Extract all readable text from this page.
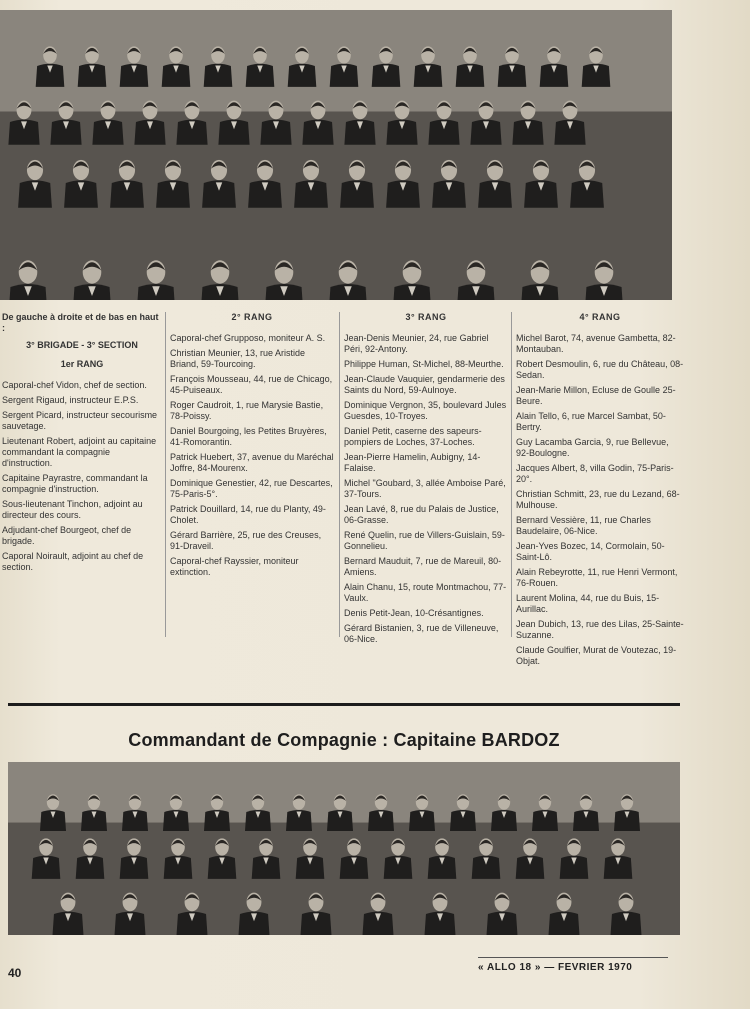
De gauche à droite et de bas en haut :
3° BRIGADE - 3° SECTION
1er RANG
Caporal-chef Vidon, chef de section.
Sergent Rigaud, instructeur E.P.S.
Sergent Picard, instructeur secourisme sauvetage.
Lieutenant Robert, adjoint au capitaine commandant la compagnie d'instruction.
Capitaine Payrastre, commandant la compagnie d'instruction.
Sous-lieutenant Tinchon, adjoint au directeur des cours.
Adjudant-chef Bourgeot, chef de brigade.
Caporal Noirault, adjoint au chef de section.
2° RANG
Caporal-chef Grupposo, moniteur A. S.
Christian Meunier, 13, rue Aristide Briand, 59-Tourcoing.
François Mousseau, 44, rue de Chicago, 45-Puiseaux.
Roger Caudroit, 1, rue Marysie Bastie, 78-Poissy.
Daniel Bourgoing, les Petites Bruyères, 41-Romorantin.
Patrick Huebert, 37, avenue du Maréchal Joffre, 84-Mourenx.
Dominique Genestier, 42, rue Descartes, 75-Paris-5°.
Patrick Douillard, 14, rue du Planty, 49-Cholet.
Gérard Barrière, 25, rue des Creuses, 91-Draveil.
Caporal-chef Rayssier, moniteur extinction.
3° RANG
Jean-Denis Meunier, 24, rue Gabriel Péri, 92-Antony.
Philippe Human, St-Michel, 88-Meurthe.
Jean-Claude Vauquier, gendarmerie des Saints du Nord, 59-Aulnoye.
Dominique Vergnon, 35, boulevard Jules Guesdes, 10-Troyes.
Daniel Petit, caserne des sapeurs-pompiers de Loches, 37-Loches.
Jean-Pierre Hamelin, Aubigny, 14-Falaise.
Michel "Goubard, 3, allée Amboise Paré, 37-Tours.
Jean Lavé, 8, rue du Palais de Justice, 06-Grasse.
René Quelin, rue de Villers-Guislain, 59-Gonnelieu.
Bernard Mauduit, 7, rue de Mareuil, 80-Amiens.
Alain Chanu, 15, route Montmachou, 77-Vaulx.
Denis Petit-Jean, 10-Crésantignes.
Gérard Bistanien, 3, rue de Villeneuve, 06-Nice.
4° RANG
Michel Barot, 74, avenue Gambetta, 82-Montauban.
Robert Desmoulin, 6, rue du Château, 08-Sedan.
Jean-Marie Millon, Ecluse de Goulle 25-Beure.
Alain Tello, 6, rue Marcel Sambat, 50-Bertry.
Guy Lacamba Garcia, 9, rue Bellevue, 92-Boulogne.
Jacques Albert, 8, villa Godin, 75-Paris-20°.
Christian Schmitt, 23, rue du Lezand, 68-Mulhouse.
Bernard Vessière, 11, rue Charles Baudelaire, 06-Nice.
Jean-Yves Bozec, 14, Cormolain, 50-Saint-Lô.
Alain Rebeyrotte, 11, rue Henri Vermont, 76-Rouen.
Laurent Molina, 44, rue du Buis, 15-Aurillac.
Jean Dubich, 13, rue des Lilas, 25-Sainte-Suzanne.
Claude Goulfier, Murat de Voutezac, 19-Objat.
Commandant de Compagnie : Capitaine BARDOZ
40	« ALLO 18 » — FEVRIER 1970
